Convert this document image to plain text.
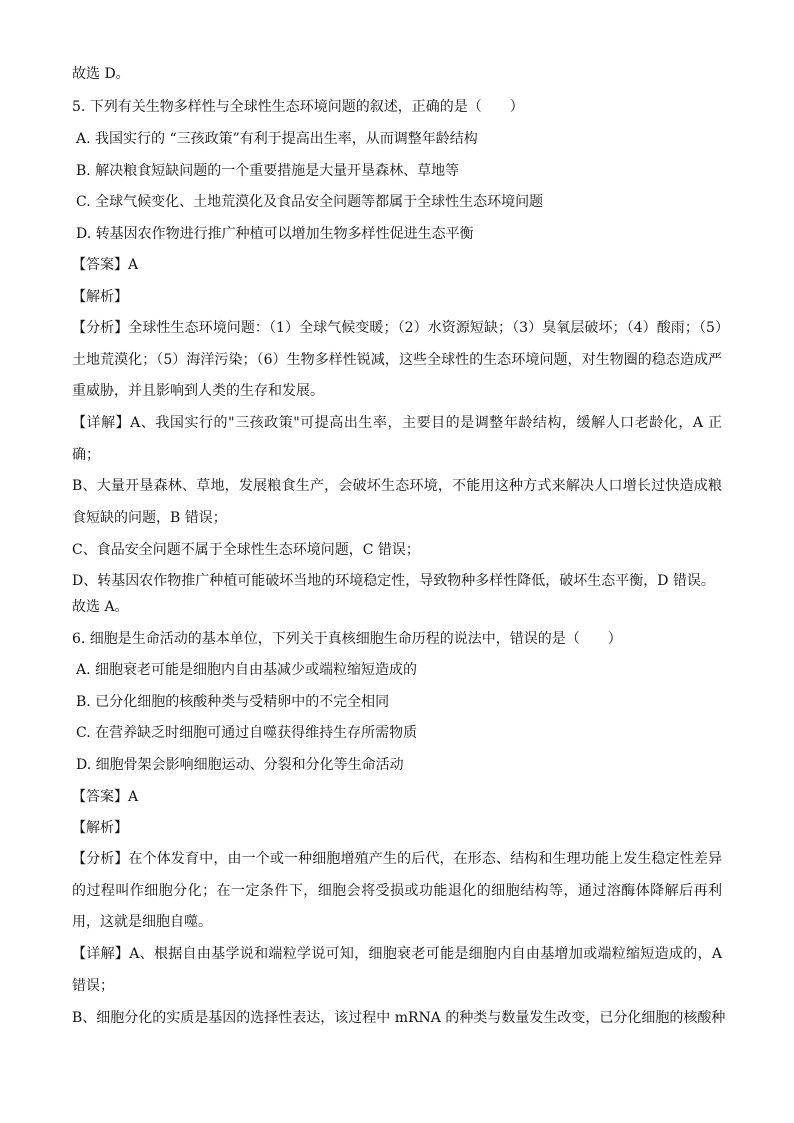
故选 D。
5. 下列有关生物多样性与全球性生态环境问题的叙述，正确的是（　　）
A. 我国实行的 “三孩政策”有利于提高出生率，从而调整年龄结构
B. 解决粮食短缺问题的一个重要措施是大量开垦森林、草地等
C. 全球气候变化、土地荒漠化及食品安全问题等都属于全球性生态环境问题
D. 转基因农作物进行推广种植可以增加生物多样性促进生态平衡
【答案】A
【解析】
【分析】全球性生态环境问题：（1）全球气候变暖；（2）水资源短缺；（3）臭氧层破坏；（4）酸雨；（5）土地荒漠化；（5）海洋污染；（6）生物多样性锐减，这些全球性的生态环境问题，对生物圈的稳态造成严重威胁，并且影响到人类的生存和发展。
【详解】A、我国实行的"三孩政策"可提高出生率，主要目的是调整年龄结构，缓解人口老龄化，A 正确；
B、大量开垦森林、草地，发展粮食生产，会破坏生态环境，不能用这种方式来解决人口增长过快造成粮食短缺的问题，B 错误；
C、食品安全问题不属于全球性生态环境问题，C 错误；
D、转基因农作物推广种植可能破坏当地的环境稳定性，导致物种多样性降低，破坏生态平衡，D 错误。
故选 A。
6. 细胞是生命活动的基本单位，下列关于真核细胞生命历程的说法中，错误的是（　　）
A. 细胞衰老可能是细胞内自由基减少或端粒缩短造成的
B. 已分化细胞的核酸种类与受精卵中的不完全相同
C. 在营养缺乏时细胞可通过自噬获得维持生存所需物质
D. 细胞骨架会影响细胞运动、分裂和分化等生命活动
【答案】A
【解析】
【分析】在个体发育中，由一个或一种细胞增殖产生的后代，在形态、结构和生理功能上发生稳定性差异的过程叫作细胞分化；在一定条件下，细胞会将受损或功能退化的细胞结构等，通过溶酶体降解后再利用，这就是细胞自噬。
【详解】A、根据自由基学说和端粒学说可知，细胞衰老可能是细胞内自由基增加或端粒缩短造成的，A 错误；
B、细胞分化的实质是基因的选择性表达，该过程中 mRNA 的种类与数量发生改变，已分化细胞的核酸种
